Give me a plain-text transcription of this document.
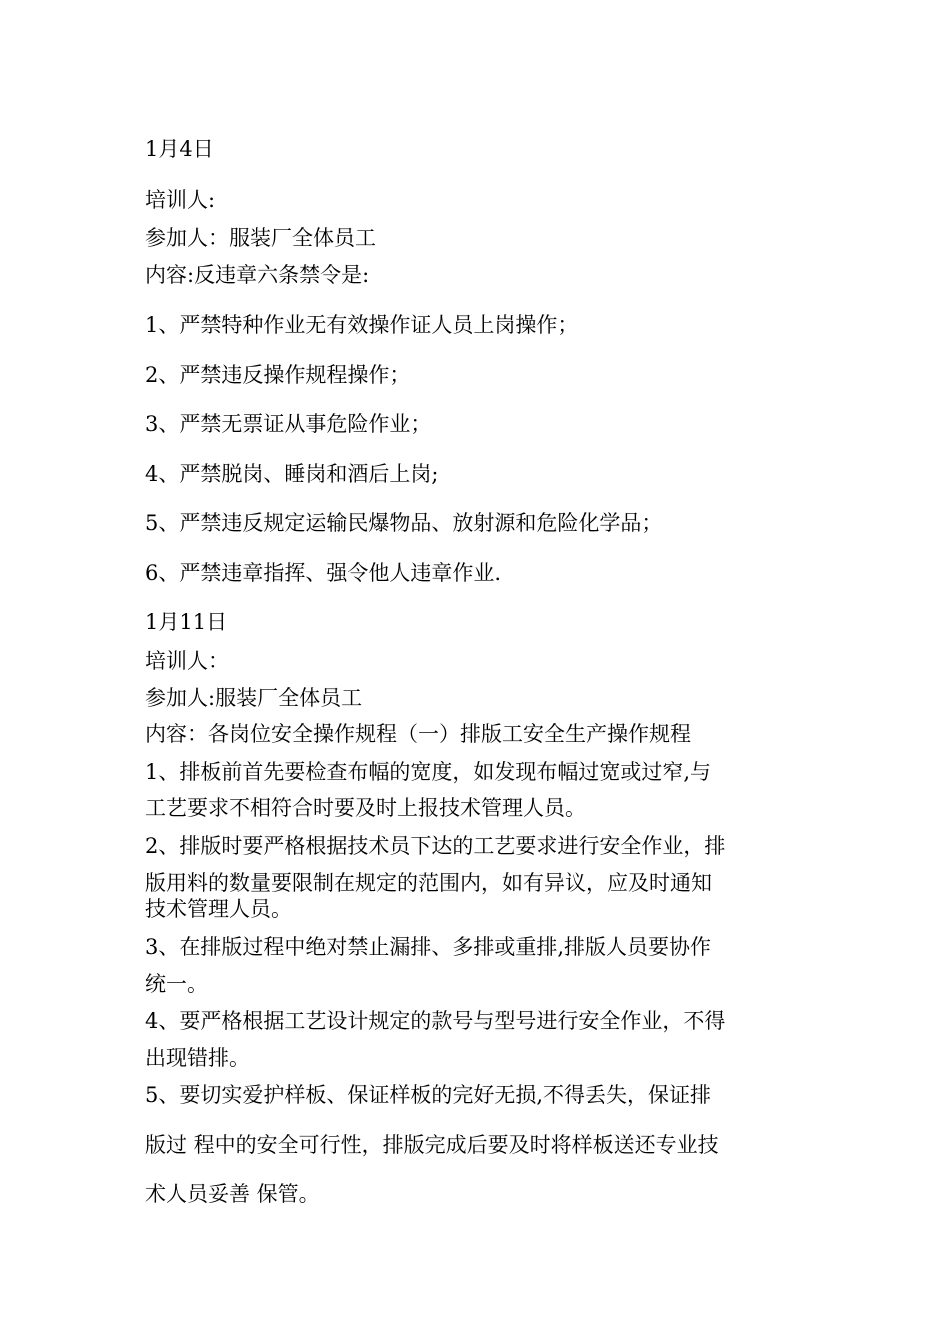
1月4日
培训人:
参加人：服装厂全体员工
内容:反违章六条禁令是:
1、严禁特种作业无有效操作证人员上岗操作；
2、严禁违反操作规程操作；
3、严禁无票证从事危险作业；
4、严禁脱岗、睡岗和酒后上岗;
5、严禁违反规定运输民爆物品、放射源和危险化学品；
6、严禁违章指挥、强令他人违章作业.
1月11日
培训人：
参加人:服装厂全体员工
内容：各岗位安全操作规程（一）排版工安全生产操作规程
1、排板前首先要检查布幅的宽度，如发现布幅过宽或过窄,与
工艺要求不相符合时要及时上报技术管理人员。
2、排版时要严格根据技术员下达的工艺要求进行安全作业，排
版用料的数量要限制在规定的范围内，如有异议，应及时通知
技术管理人员。
3、在排版过程中绝对禁止漏排、多排或重排,排版人员要协作
统一。
4、要严格根据工艺设计规定的款号与型号进行安全作业，不得
出现错排。
5、要切实爱护样板、保证样板的完好无损,不得丢失，保证排
版过 程中的安全可行性，排版完成后要及时将样板送还专业技
术人员妥善 保管。
